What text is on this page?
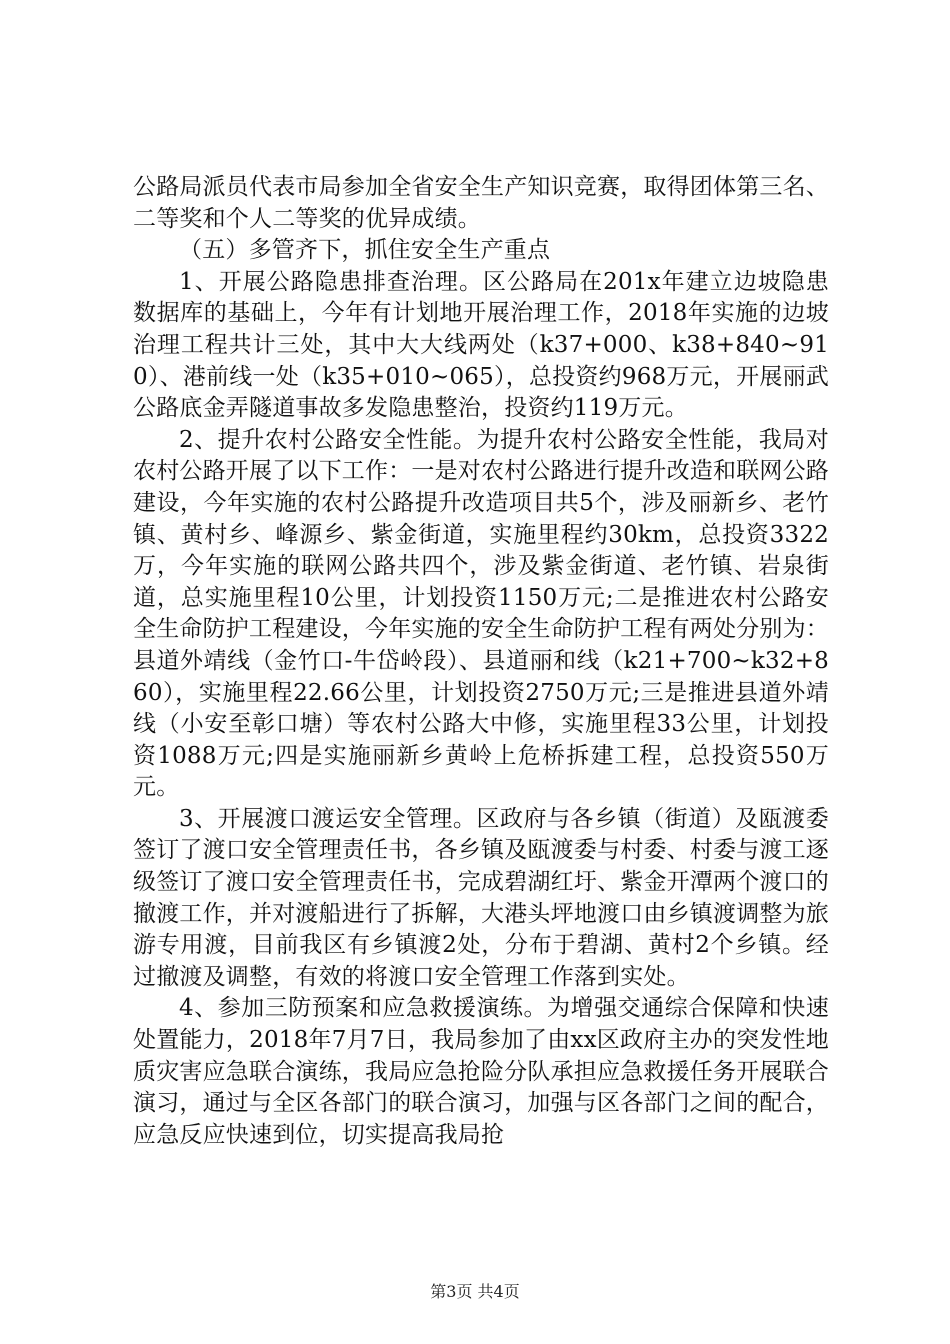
公路局派员代表市局参加全省安全生产知识竞赛，取得团体第三名、二等奖和个人二等奖的优异成绩。

（五）多管齐下，抓住安全生产重点

1、开展公路隐患排查治理。区公路局在201x年建立边坡隐患数据库的基础上，今年有计划地开展治理工作，2018年实施的边坡治理工程共计三处，其中大大线两处（k37+000、k38+840~910）、港前线一处（k35+010~065），总投资约968万元，开展丽武公路底金弄隧道事故多发隐患整治，投资约119万元。

2、提升农村公路安全性能。为提升农村公路安全性能，我局对农村公路开展了以下工作：一是对农村公路进行提升改造和联网公路建设，今年实施的农村公路提升改造项目共5个，涉及丽新乡、老竹镇、黄村乡、峰源乡、紫金街道，实施里程约30km，总投资3322万，今年实施的联网公路共四个，涉及紫金街道、老竹镇、岩泉街道，总实施里程10公里，计划投资1150万元;二是推进农村公路安全生命防护工程建设，今年实施的安全生命防护工程有两处分别为：县道外靖线（金竹口-牛岱岭段）、县道丽和线（k21+700~k32+860），实施里程22.66公里，计划投资2750万元;三是推进县道外靖线（小安至彰口塘）等农村公路大中修，实施里程33公里，计划投资1088万元;四是实施丽新乡黄岭上危桥拆建工程，总投资550万元。

3、开展渡口渡运安全管理。区政府与各乡镇（街道）及瓯渡委签订了渡口安全管理责任书，各乡镇及瓯渡委与村委、村委与渡工逐级签订了渡口安全管理责任书，完成碧湖红圩、紫金开潭两个渡口的撤渡工作，并对渡船进行了拆解，大港头坪地渡口由乡镇渡调整为旅游专用渡，目前我区有乡镇渡2处，分布于碧湖、黄村2个乡镇。经过撤渡及调整，有效的将渡口安全管理工作落到实处。

4、参加三防预案和应急救援演练。为增强交通综合保障和快速处置能力，2018年7月7日，我局参加了由xx区政府主办的突发性地质灾害应急联合演练，我局应急抢险分队承担应急救援任务开展联合演习，通过与全区各部门的联合演习，加强与区各部门之间的配合，应急反应快速到位，切实提高我局抢

第3页 共4页
